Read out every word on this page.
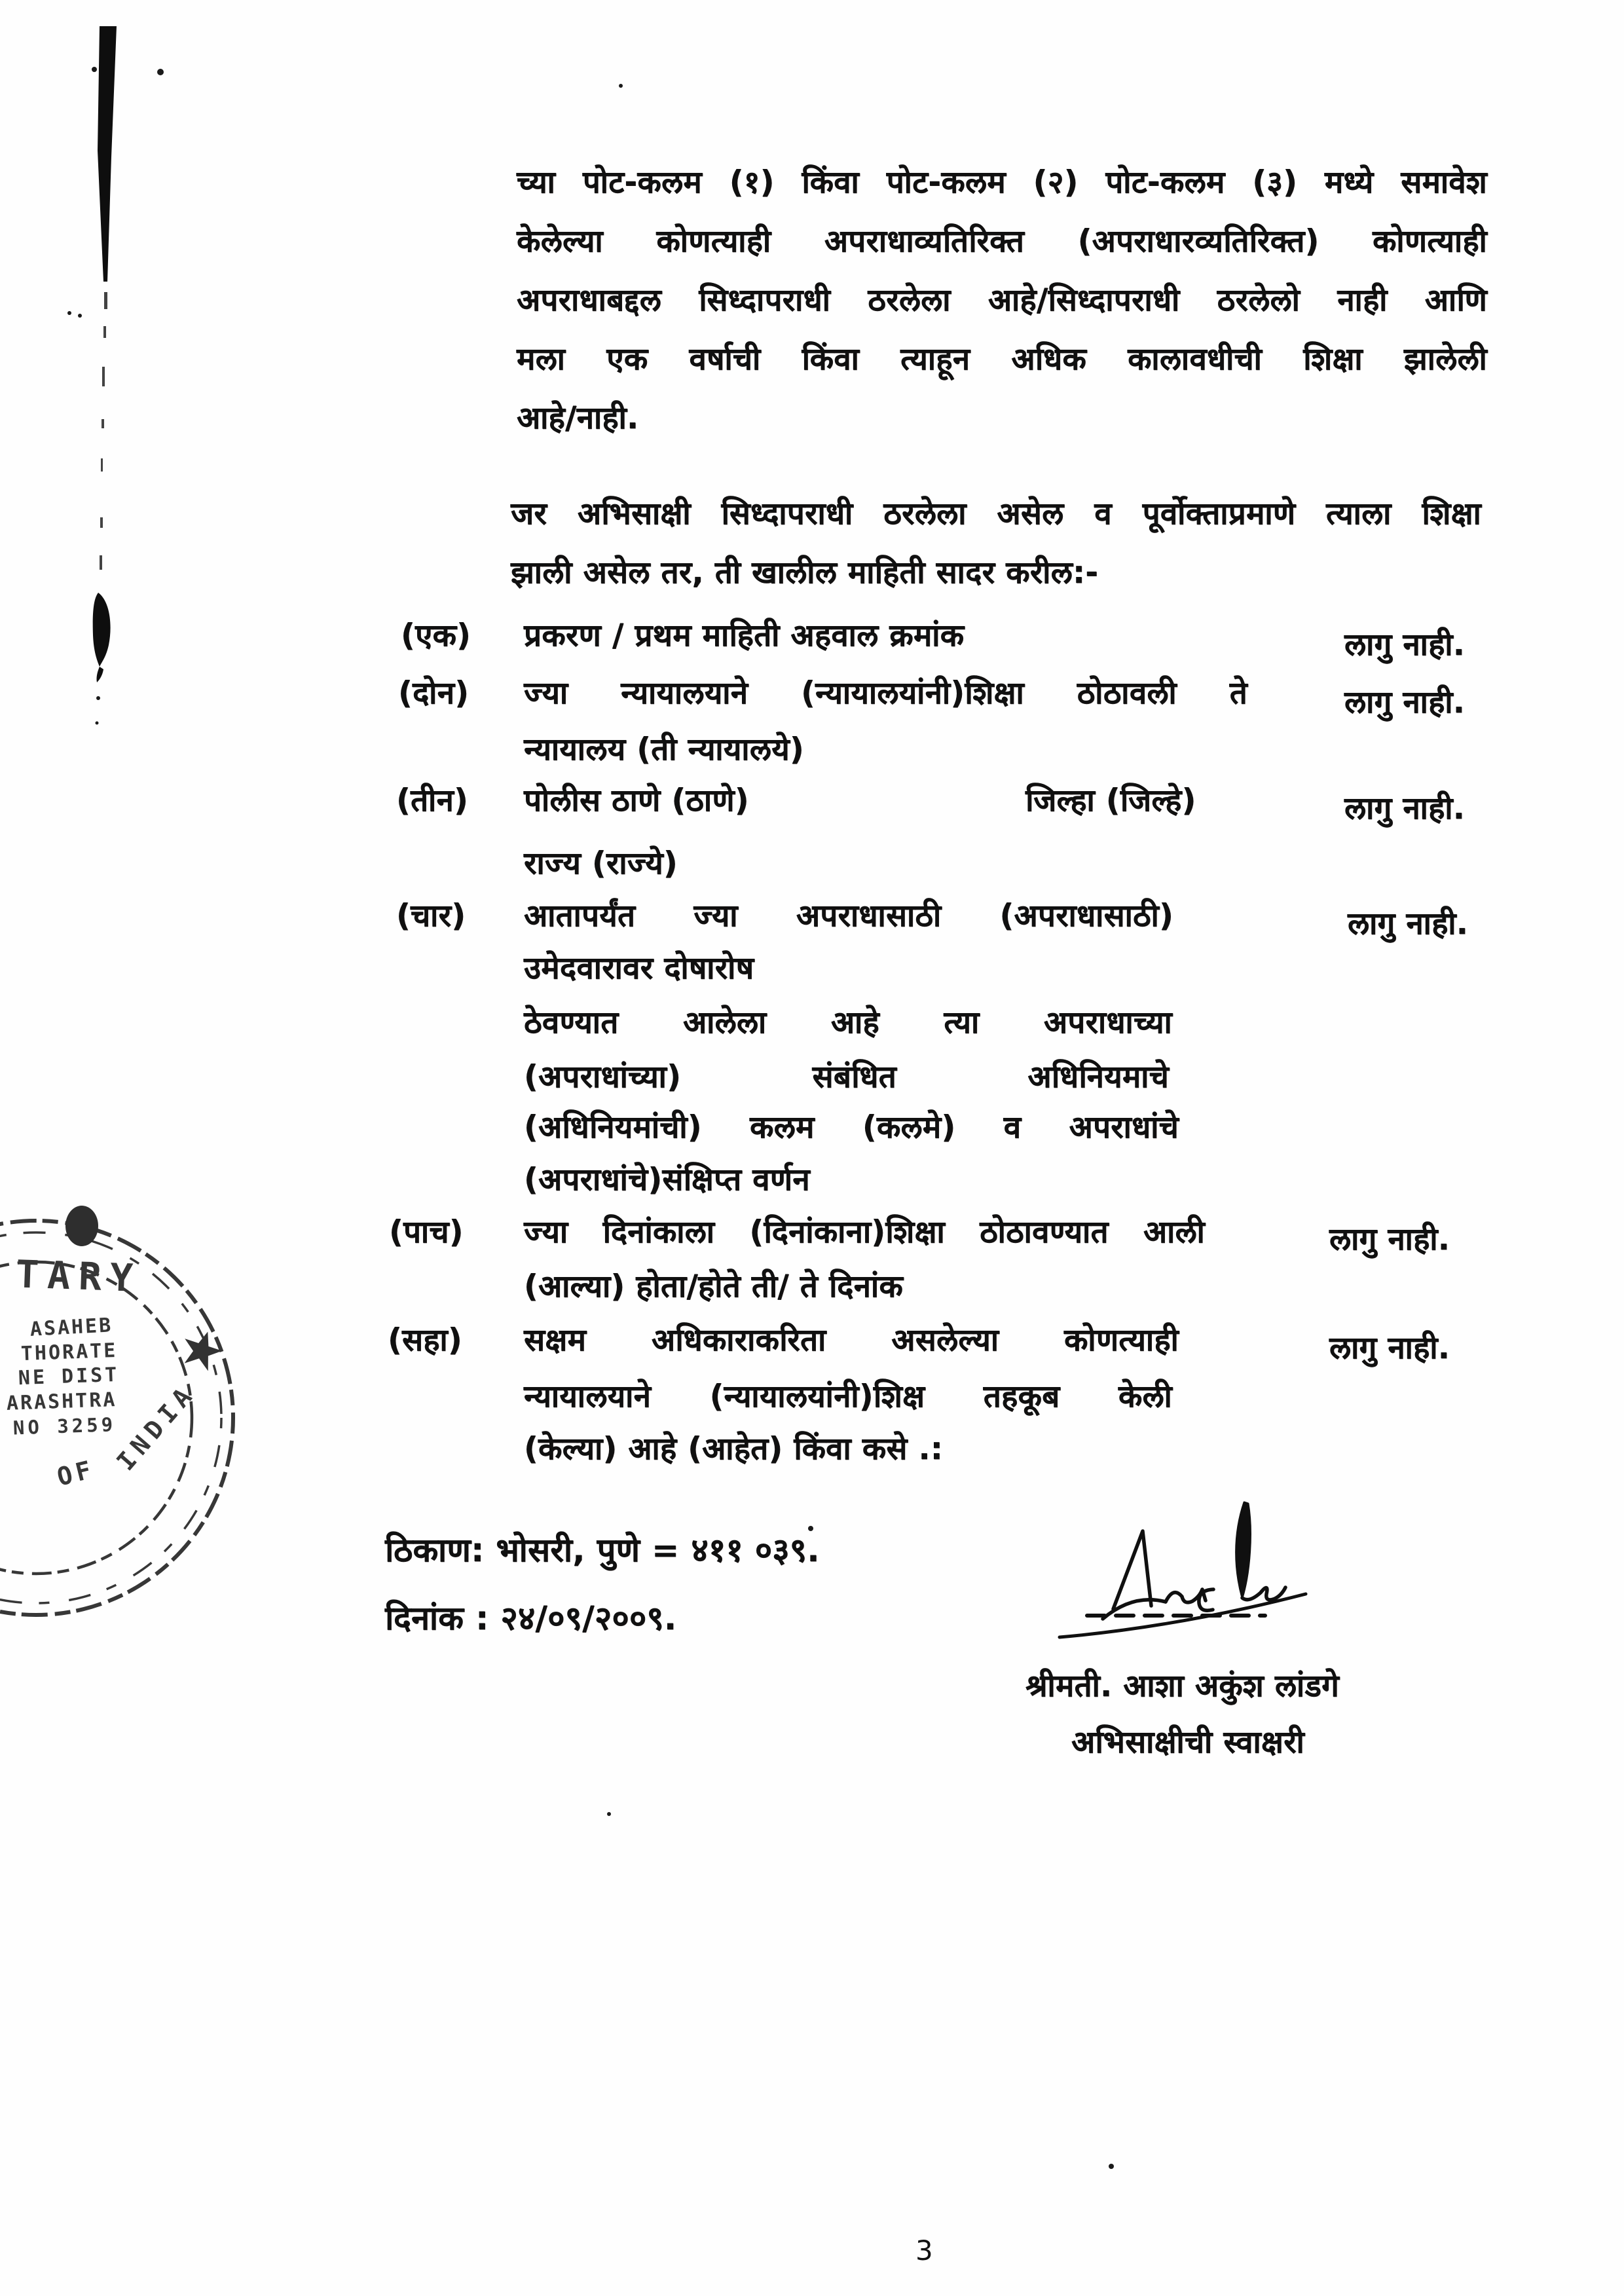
च्या पोट-कलम (१) किंवा पोट-कलम (२) पोट-कलम (३) मध्ये समावेश
केलेल्या कोणत्याही अपराधाव्यतिरिक्त (अपराधारव्यतिरिक्त) कोणत्याही
अपराधाबद्दल सिध्दापराधी ठरलेला आहे/सिध्दापराधी ठरलेलो नाही आणि
मला एक वर्षाची किंवा त्याहून अधिक कालावधीची शिक्षा झालेली
आहे/नाही.
जर अभिसाक्षी सिध्दापराधी ठरलेला असेल व पूर्वोक्ताप्रमाणे त्याला शिक्षा
झाली असेल तर, ती खालील माहिती सादर करील:-
(एक) प्रकरण / प्रथम माहिती अहवाल क्रमांक	लागु नाही.
(दोन) ज्या न्यायालयाने (न्यायालयांनी)शिक्षा ठोठावली ते
न्यायालय (ती न्यायालये)
लागु नाही.
(तीन) पोलीस ठाणे (ठाणे)	जिल्हा (जिल्हे)
राज्य (राज्ये)
लागु नाही.
(चार) आतापर्यंत ज्या अपराधासाठी (अपराधासाठी)
उमेदवारावर दोषारोष
ठेवण्यात आलेला आहे त्या अपराधाच्या
(अपराधांच्या) संबंधित अधिनियमाचे
(अधिनियमांची) कलम (कलमे) व अपराधांचे
(अपराधांचे)संक्षिप्त वर्णन
लागु नाही.
(पाच) ज्या दिनांकाला (दिनांकाना)शिक्षा ठोठावण्यात आली
(आल्या) होता/होते ती/ ते दिनांक
लागु नाही.
(सहा) सक्षम अधिकाराकरिता असलेल्या कोणत्याही
न्यायालयाने (न्यायालयांनी)शिक्ष तहकूब केली
(केल्या) आहे (आहेत) किंवा कसे .:
लागु नाही.
ठिकाण: भोसरी, पुणे = ४११ ०३९.
दिनांक : २४/०९/२००९.
श्रीमती. आशा अकुंश लांडगे
अभिसाक्षीची स्वाक्षरी
TARY
ASAHEB
THORATE
NE DIST
ARASHTRA
NO 3259
OF INDIA
3
